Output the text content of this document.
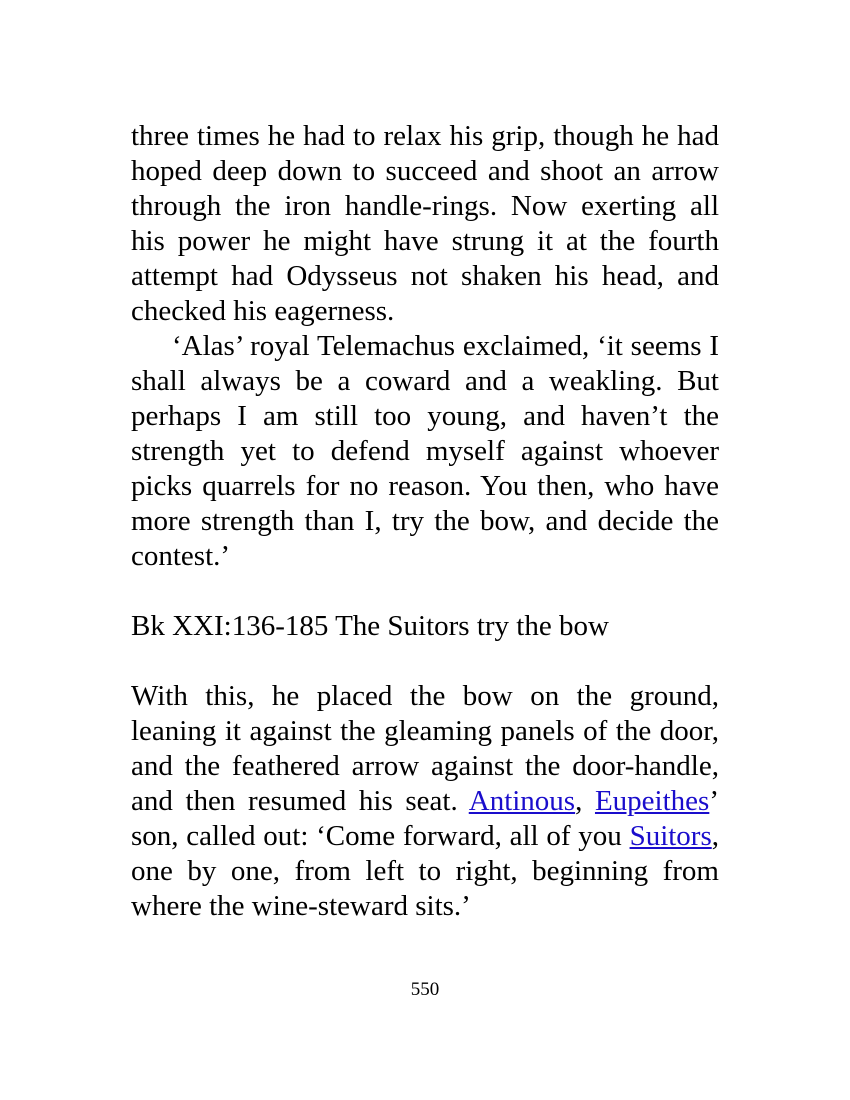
three times he had to relax his grip, though he had hoped deep down to succeed and shoot an arrow through the iron handle-rings. Now exerting all his power he might have strung it at the fourth attempt had Odysseus not shaken his head, and checked his eagerness.

‘Alas’ royal Telemachus exclaimed, ‘it seems I shall always be a coward and a weakling. But perhaps I am still too young, and haven’t the strength yet to defend myself against whoever picks quarrels for no reason. You then, who have more strength than I, try the bow, and decide the contest.’

Bk XXI:136-185 The Suitors try the bow

With this, he placed the bow on the ground, leaning it against the gleaming panels of the door, and the feathered arrow against the door-handle, and then resumed his seat. Antinous, Eupeithes’ son, called out: ‘Come forward, all of you Suitors, one by one, from left to right, beginning from where the wine-steward sits.’

550
